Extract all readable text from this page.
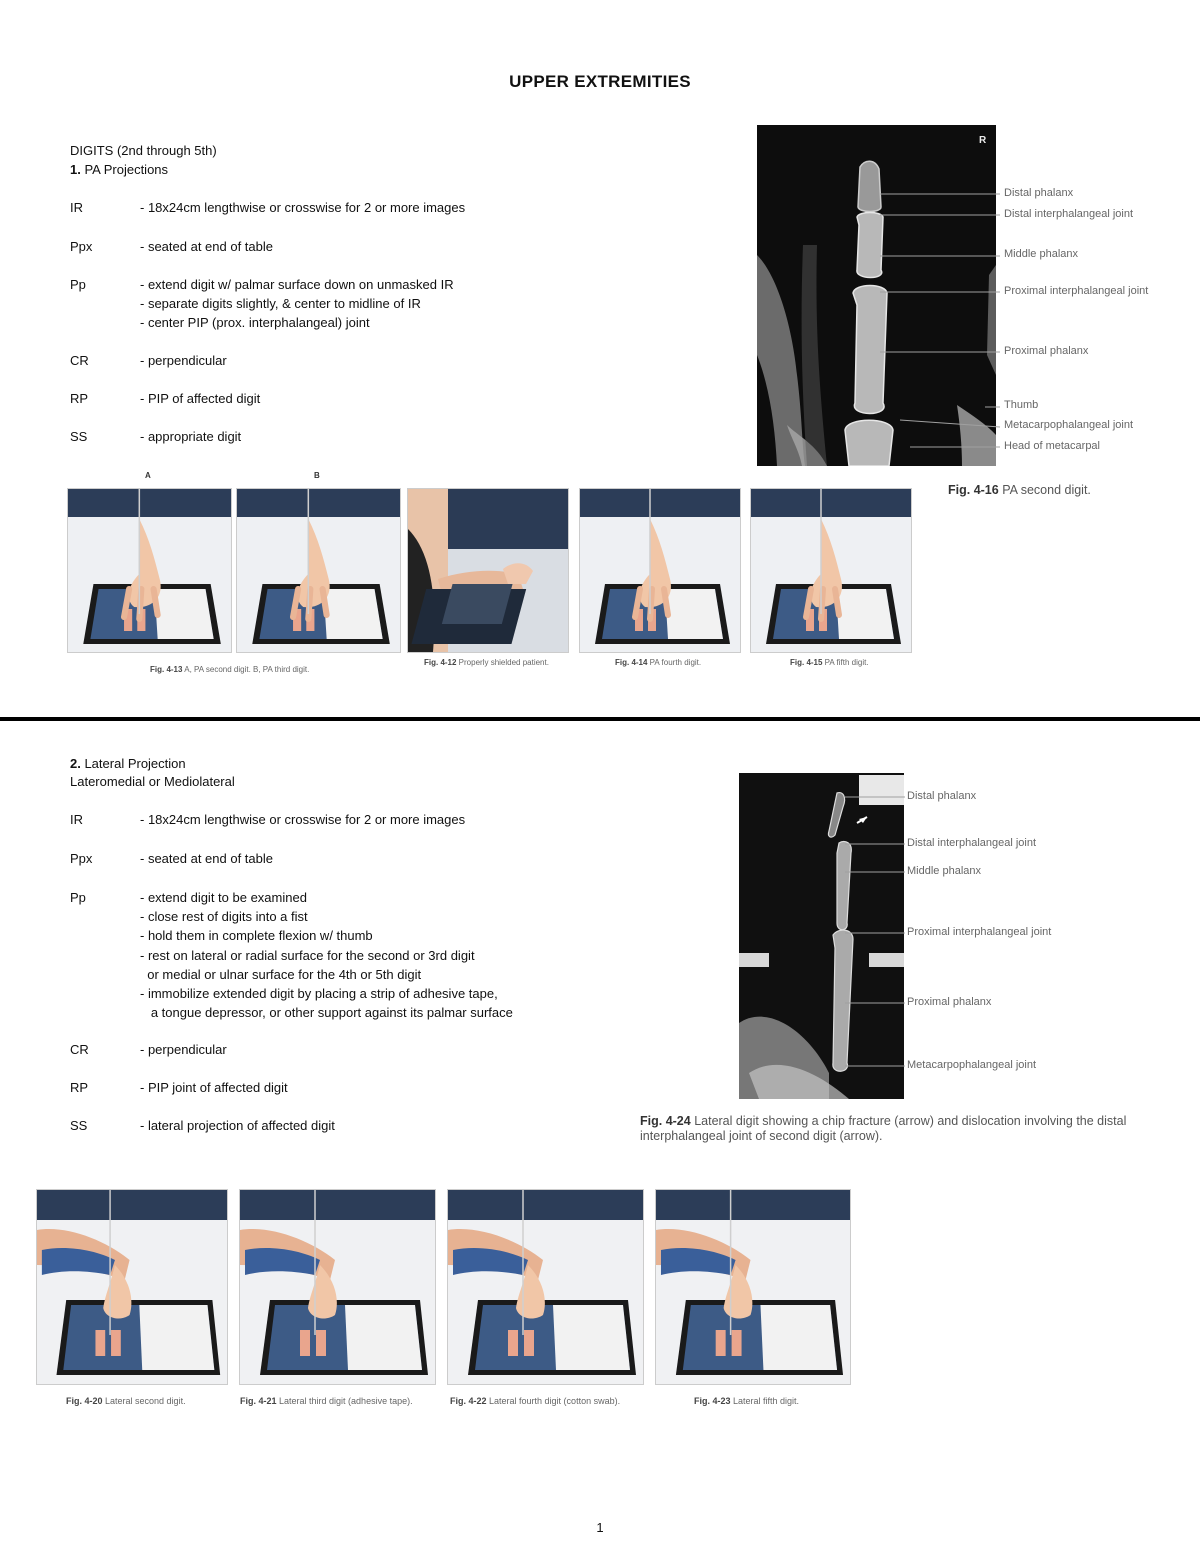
UPPER EXTREMITIES
DIGITS (2nd through 5th)
1. PA Projections
IR	- 18x24cm lengthwise or crosswise for 2 or more images
Ppx	- seated at end of table
Pp	- extend digit w/ palmar surface down on unmasked IR
- separate digits slightly, & center to midline of IR
- center PIP (prox. interphalangeal) joint
CR	- perpendicular
RP	- PIP of affected digit
SS	- appropriate digit
R
Distal phalanx
Distal interphalangeal joint
Middle phalanx
Proximal interphalangeal joint
Proximal phalanx
Thumb
Metacarpophalangeal joint
Head of metacarpal
Fig. 4-16 PA second digit.
A	B
Fig. 4-13 A, PA second digit. B, PA third digit.
Fig. 4-12 Properly shielded patient.	Fig. 4-14 PA fourth digit.	Fig. 4-15 PA fifth digit.
2. Lateral Projection
Lateromedial or Mediolateral
IR	- 18x24cm lengthwise or crosswise for 2 or more images
Ppx	- seated at end of table
Pp	- extend digit to be examined
- close rest of digits into a fist
- hold them in complete flexion w/ thumb
- rest on lateral or radial surface for the second or 3rd digit
or medial or ulnar surface for the 4th or 5th digit
- immobilize extended digit by placing a strip of adhesive tape,
a tongue depressor, or other support against its palmar surface
CR	- perpendicular
RP	- PIP joint of affected digit
SS	- lateral projection of affected digit
Distal phalanx
Distal interphalangeal joint
Middle phalanx
Proximal interphalangeal joint
Proximal phalanx
Metacarpophalangeal joint
Fig. 4-24 Lateral digit showing a chip fracture (arrow) and dislocation involving the distal interphalangeal joint of second digit (arrow).
Fig. 4-20 Lateral second digit.	Fig. 4-21 Lateral third digit (adhesive tape).	Fig. 4-22 Lateral fourth digit (cotton swab).	Fig. 4-23 Lateral fifth digit.
1
